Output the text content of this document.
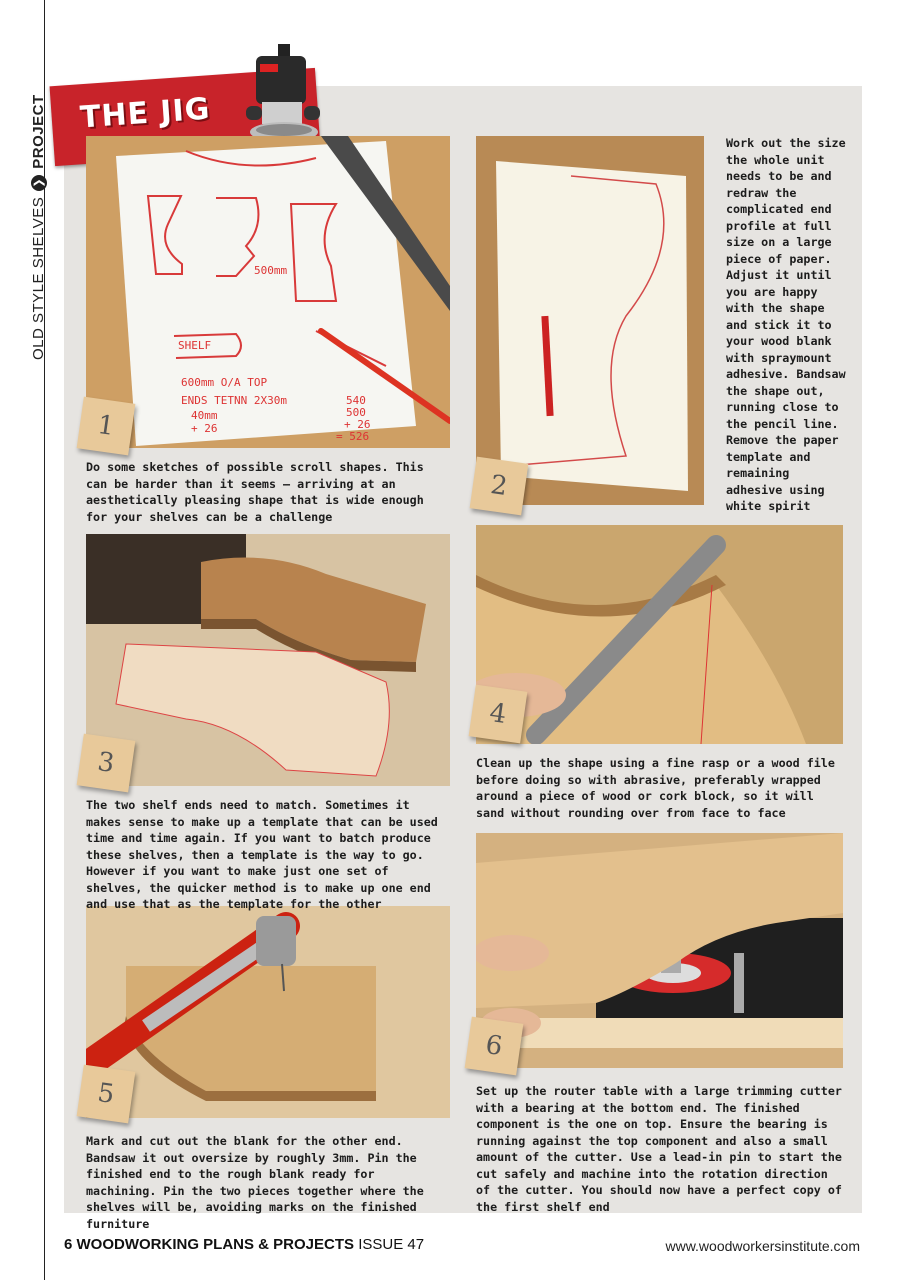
OLD STYLE SHELVES
❯
PROJECT THE JIG
SHELF
600mm O/A TOP
ENDS TETNN 2X30m
40mm
+ 26
540
500
+ 26
= 526
500mm
1
2
3
4
5
6

Do some sketches of possible scroll shapes. This can be harder than it seems – arriving at an aesthetically pleasing shape that is wide enough for your shelves can be a challenge

Work out the size the whole unit needs to be and redraw the complicated end profile at full size on a large piece of paper. Adjust it until you are happy with the shape and stick it to your wood blank with spraymount adhesive. Bandsaw the shape out, running close to the pencil line. Remove the paper template and remaining adhesive using white spirit

The two shelf ends need to match. Sometimes it makes sense to make up a template that can be used time and time again. If you want to batch produce these shelves, then a template is the way to go. However if you want to make just one set of shelves, the quicker method is to make up one end and use that as the template for the other

Clean up the shape using a fine rasp or a wood file before doing so with abrasive, preferably wrapped around a piece of wood or cork block, so it will sand without rounding over from face to face

Mark and cut out the blank for the other end. Bandsaw it out oversize by roughly 3mm. Pin the finished end to the rough blank ready for machining. Pin the two pieces together where the shelves will be, avoiding marks on the finished furniture

Set up the router table with a large trimming cutter with a bearing at the bottom end. The finished component is the one on top. Ensure the bearing is running against the top component and also a small amount of the cutter. Use a lead-in pin to start the cut safely and machine into the rotation direction of the cutter. You should now have a perfect copy of the first shelf end

6 WOODWORKING PLANS & PROJECTS ISSUE 47	www.woodworkersinstitute.com
